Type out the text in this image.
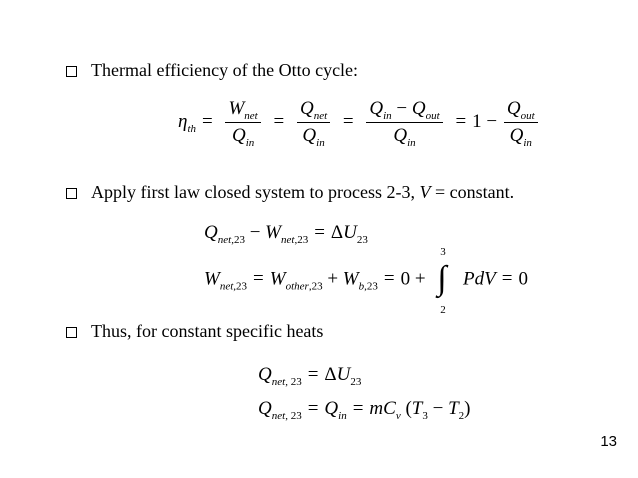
Thermal efficiency of the Otto cycle:
$\eta_{th} = \frac{W_{net}}{Q_{in}} = \frac{Q_{net}}{Q_{in}} = \frac{Q_{in} - Q_{out}}{Q_{in}} = 1 - \frac{Q_{out}}{Q_{in}}$
Apply first law closed system to process 2-3, V = constant.
$Q_{net,23} - W_{net,23} = \Delta U_{23}$
$W_{net,23} = W_{other,23} + W_{b,23} = 0$ +
3
∫
2
PdV = 0
Thus, for constant specific heats
$Q_{net, 23} = \Delta U_{23}$
$Q_{net, 23} = Q_{in} = mC_v$ $(T_3 - T_2)$
13
